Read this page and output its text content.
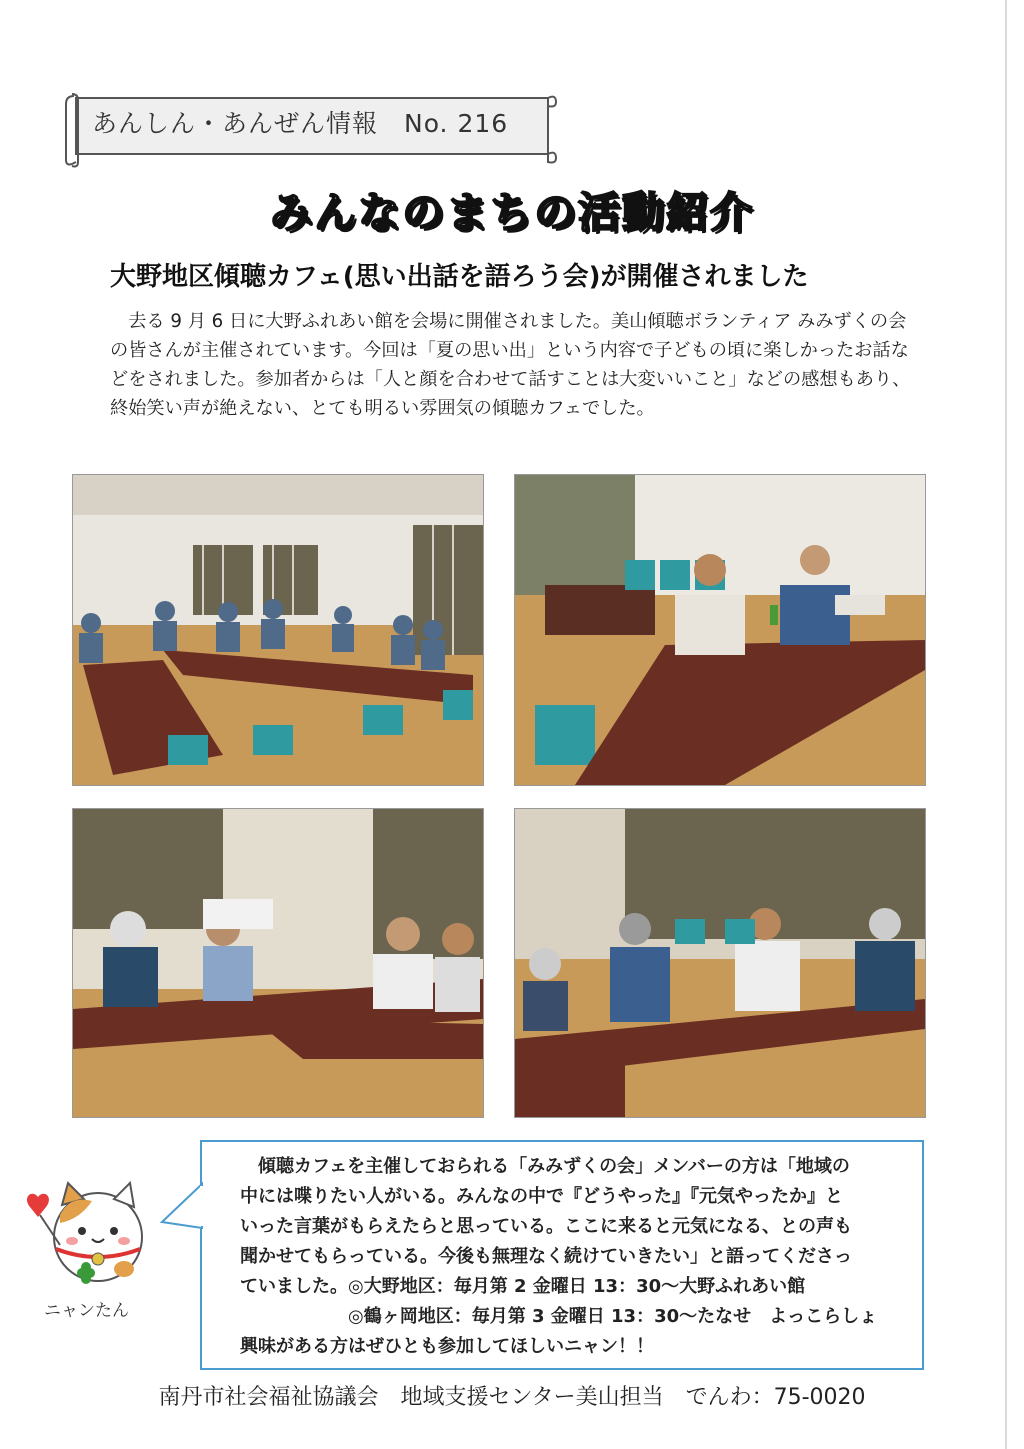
あんしん・あんぜん情報　No. 216
みんなのまちの活動紹介
大野地区傾聴カフェ(思い出話を語ろう会)が開催されました

去る 9 月 6 日に大野ふれあい館を会場に開催されました。美山傾聴ボランティア みみずくの会の皆さんが主催されています。今回は「夏の思い出」という内容で子どもの頃に楽しかったお話などをされました。参加者からは「人と顔を合わせて話すことは大変いいこと」などの感想もあり、終始笑い声が絶えない、とても明るい雰囲気の傾聴カフェでした。

　傾聴カフェを主催しておられる「みみずくの会」メンバーの方は「地域の
中には喋りたい人がいる。みんなの中で『どうやった』『元気やったか』と
いった言葉がもらえたらと思っている。ここに来ると元気になる、との声も
聞かせてもらっている。今後も無理なく続けていきたい」と語ってくださっ
ていました。◎大野地区：毎月第 2 金曜日 13：30～大野ふれあい館
　　　　　　◎鶴ヶ岡地区：毎月第 3 金曜日 13：30～たなせ　よっこらしょ
興味がある方はぜひとも参加してほしいニャン！！
ニャンたん
南丹市社会福祉協議会　地域支援センター美山担当　でんわ：75-0020
